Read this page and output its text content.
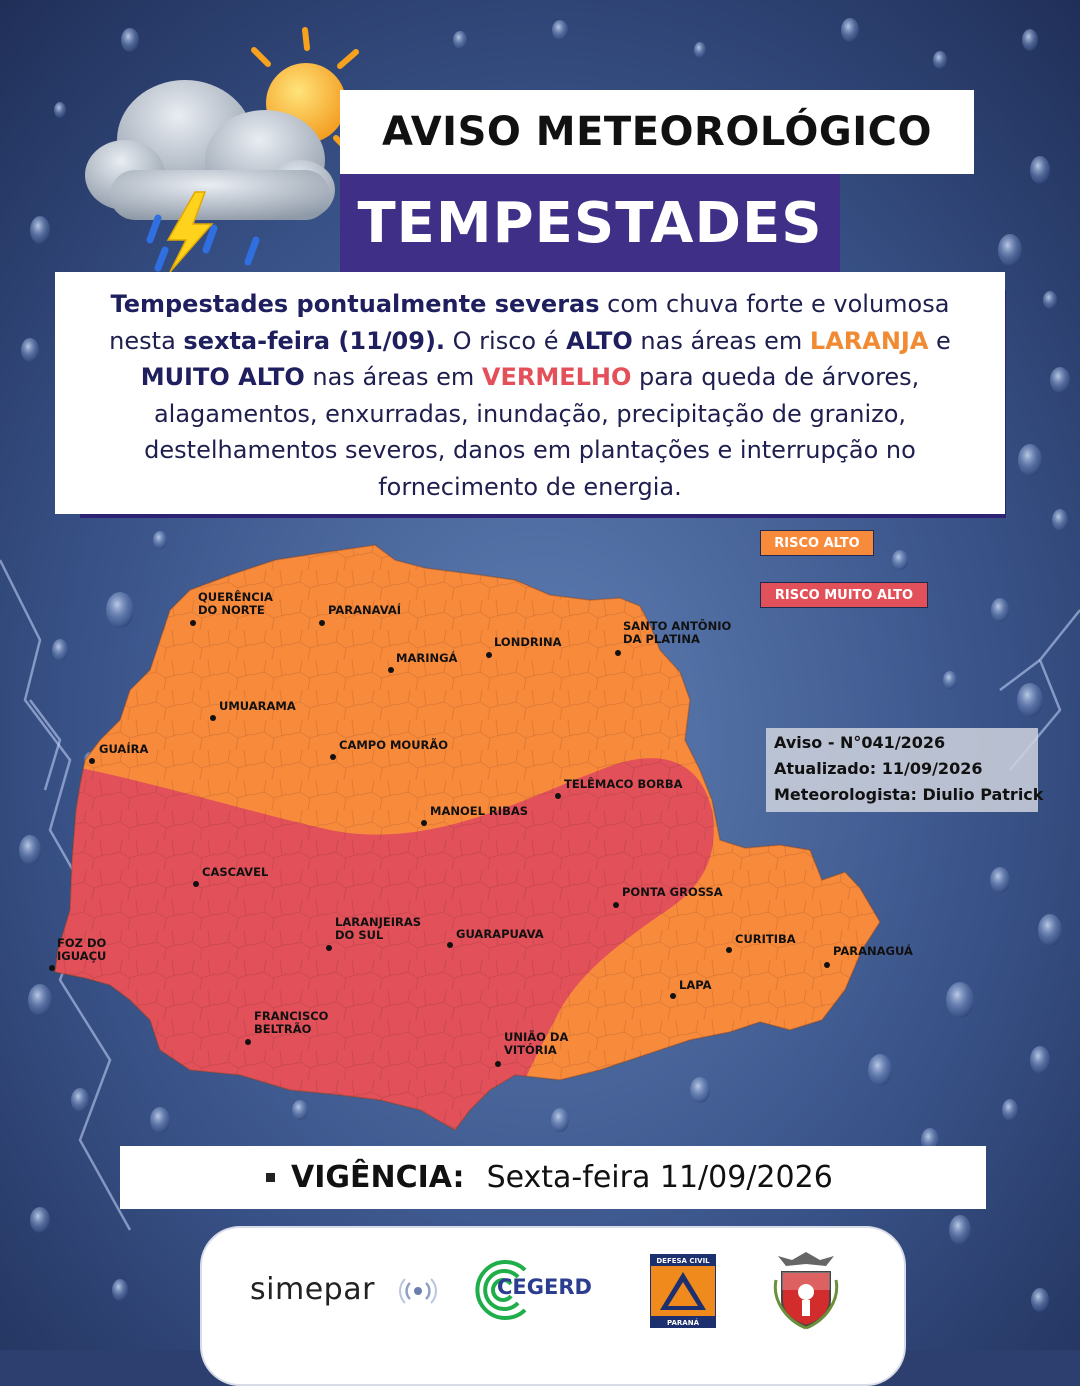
AVISO METEOROLÓGICO
TEMPESTADES
Tempestades pontualmente severas com chuva forte e volumosa nesta sexta-feira (11/09). O risco é ALTO nas áreas em LARANJA e MUITO ALTO nas áreas em VERMELHO para queda de árvores, alagamentos, enxurradas, inundação, precipitação de granizo, destelhamentos severos, danos em plantações e interrupção no fornecimento de energia.
RISCO ALTO
RISCO MUITO ALTO
QUERÊNCIA
DO NORTE	PARANAVAÍ
LONDRINA
SANTO ANTÔNIO
DA PLATINA
MARINGÁ
UMUARAMA
GUAÍRA	CAMPO MOURÃO
TELÊMACO BORBA
MANOEL RIBAS
CASCAVEL
PONTA GROSSA
LARANJEIRAS
DO SUL	GUARAPUAVA	CURITIBA
FOZ DO
IGUAÇU	PARANAGUÁ
LAPA
FRANCISCO
BELTRÃO
UNIÃO DA
VITÓRIA
Aviso - N°041/2026
Atualizado: 11/09/2026
Meteorologista: Diulio Patrick
VIGÊNCIA: Sexta-feira 11/09/2026
simepar	CEGERD
DEFESA CIVIL
PARANÁ
